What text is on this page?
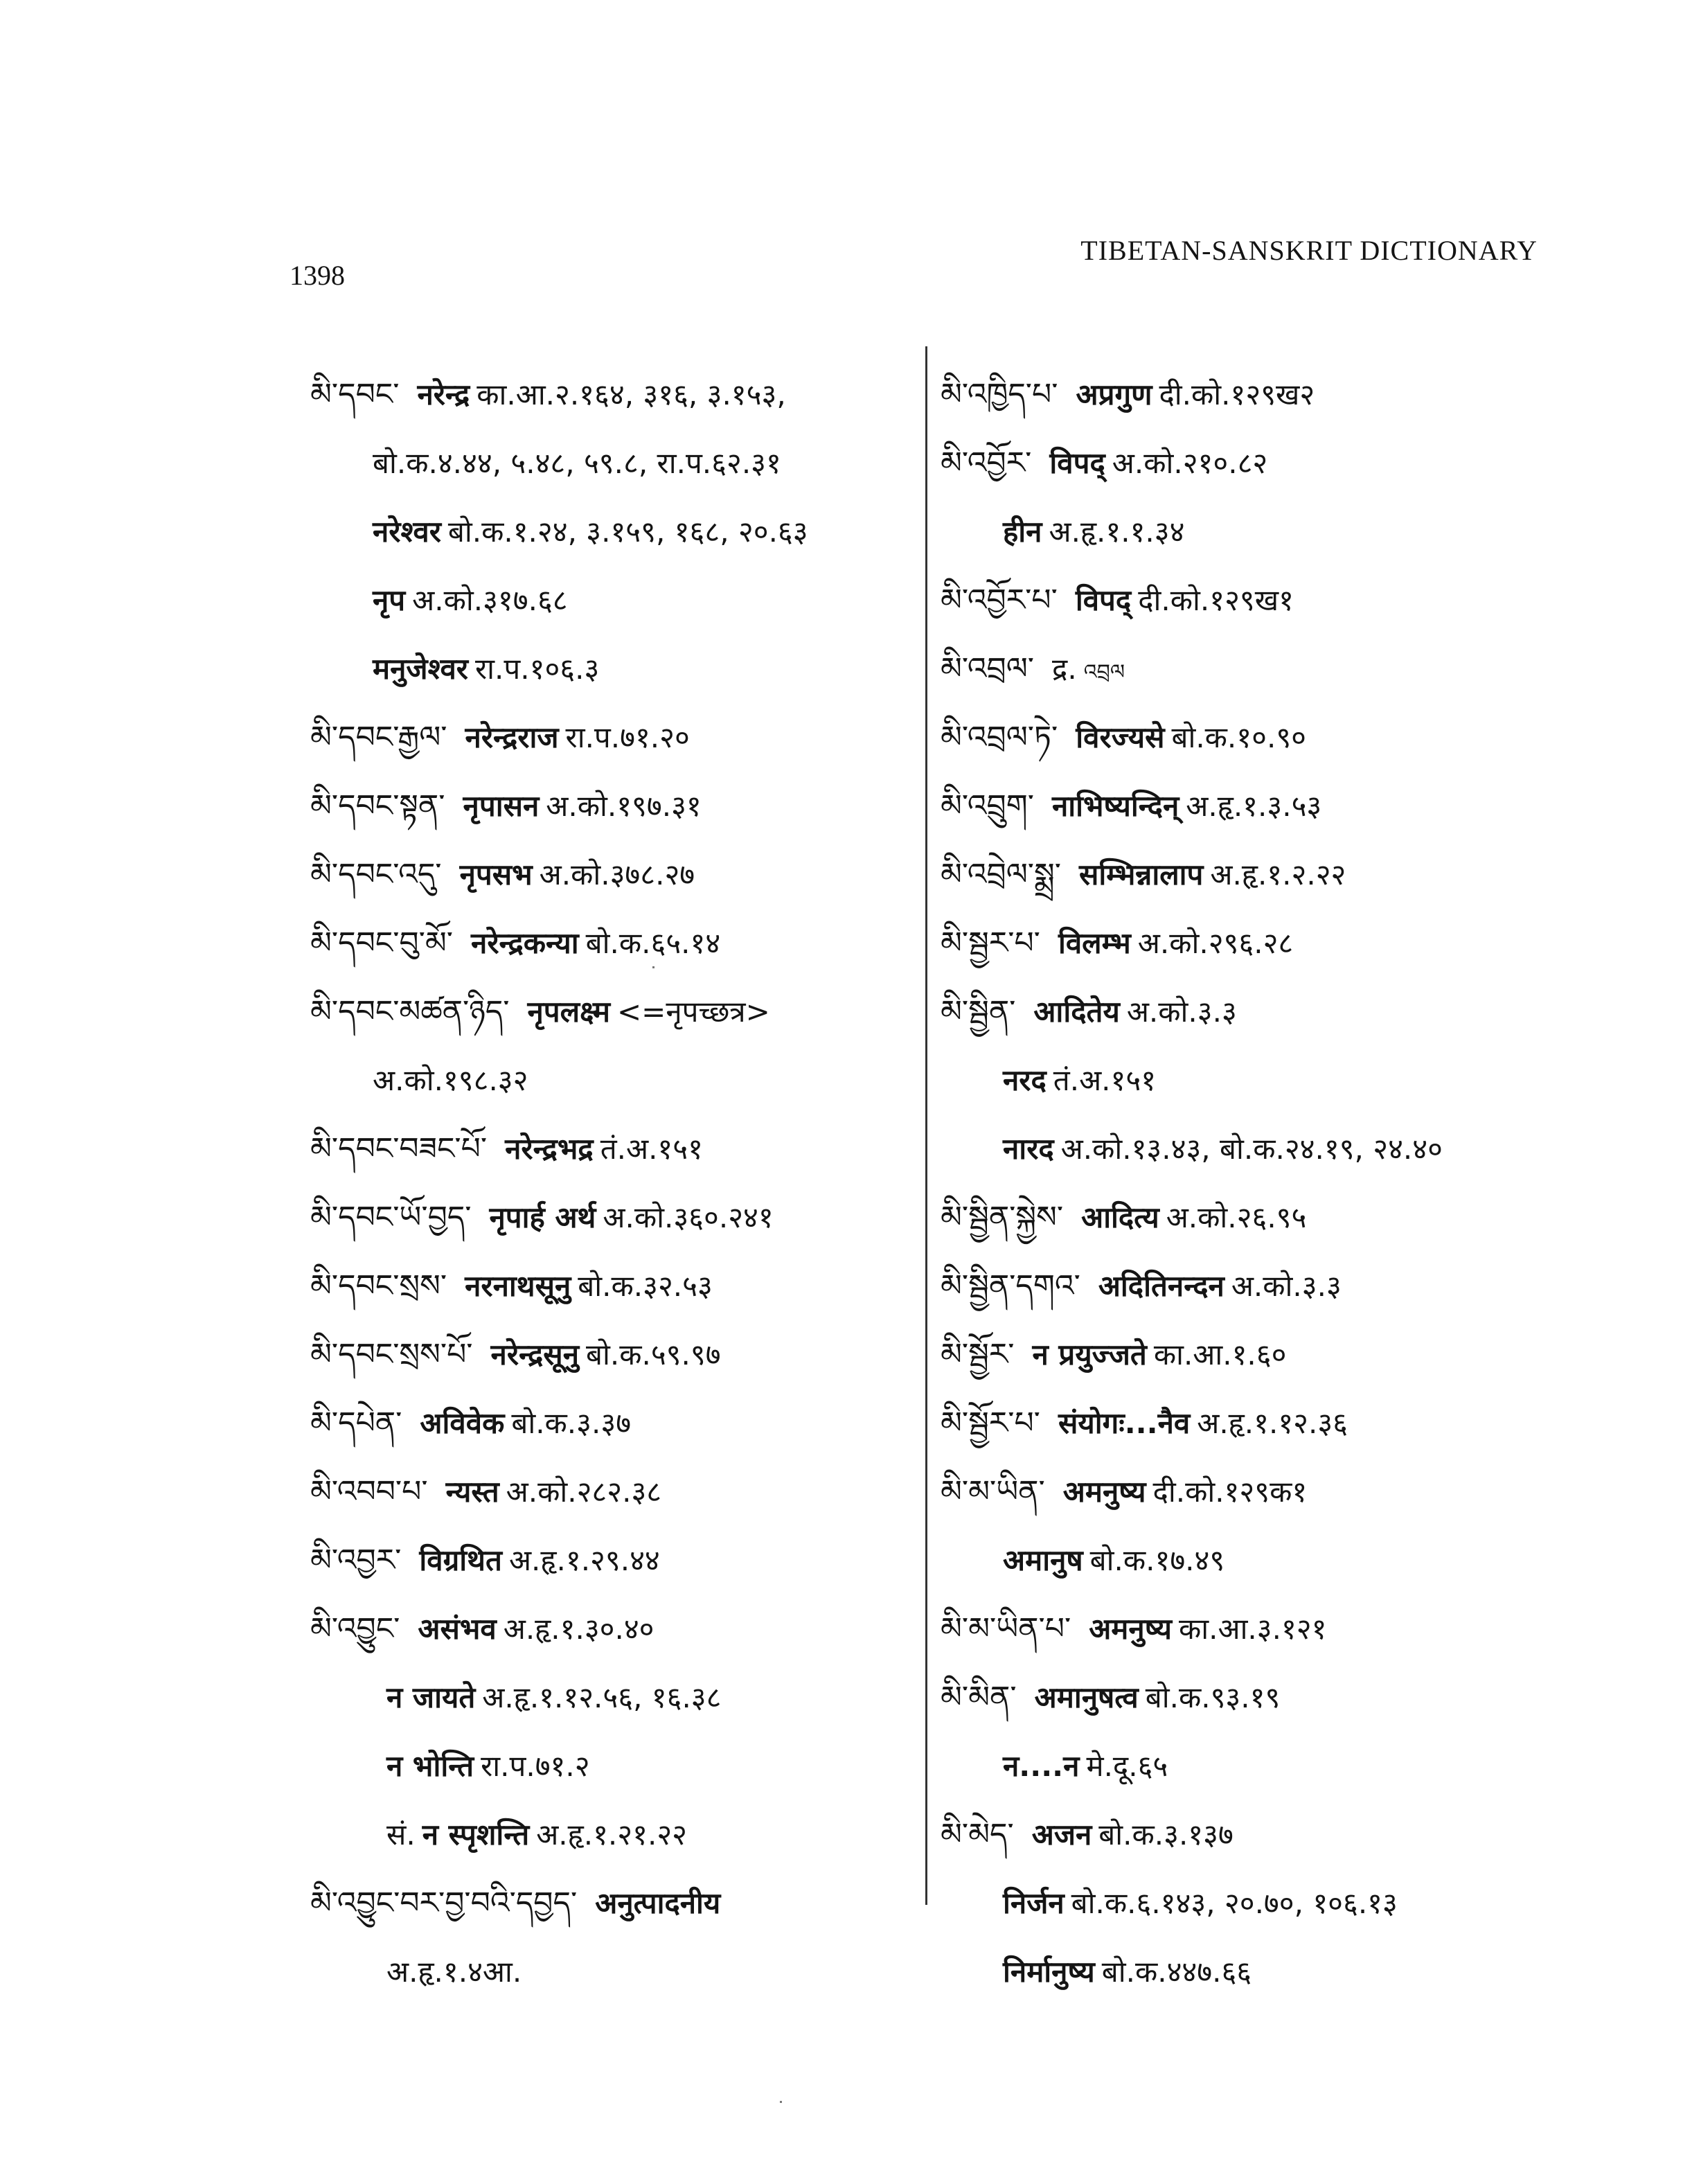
1398
TIBETAN-SANSKRIT DICTIONARY
མི་དབང་ नरेन्द्र का.आ.२.१६४, ३१६, ३.१५३,
बो.क.४.४४, ५.४८, ५९.८, रा.प.६२.३१
नरेश्वर बो.क.१.२४, ३.१५९, १६८, २०.६३
नृप अ.को.३१७.६८
मनुजेश्वर रा.प.१०६.३
མི་དབང་རྒྱལ་ नरेन्द्रराज रा.प.७१.२०
མི་དབང་སྟན་ नृपासन अ.को.१९७.३१
མི་དབང་འདུ་ नृपसभ अ.को.३७८.२७
མི་དབང་བུ་མོ་ नरेन्द्रकन्या बो.क.६५.१४
མི་དབང་མཚན་ཉིད་ नृपलक्ष्म <=नृपच्छत्र>
अ.को.१९८.३२
མི་དབང་བཟང་པོ་ नरेन्द्रभद्र तं.अ.१५१
མི་དབང་ཡོ་བྱད་ नृपार्ह अर्थ अ.को.३६०.२४१
མི་དབང་སྲས་ नरनाथसूनु बो.क.३२.५३
མི་དབང་སྲས་པོ་ नरेन्द्रसूनु बो.क.५९.९७
མི་དཔེན་ अविवेक बो.क.३.३७
མི་འབབ་པ་ न्यस्त अ.को.२८२.३८
མི་འབྱར་ विग्रथित अ.हृ.१.२९.४४
མི་འབྱུང་ असंभव अ.हृ.१.३०.४०
न जायते अ.हृ.१.१२.५६, १६.३८
न भोन्ति रा.प.७१.२
सं. न स्पृशन्ति अ.हृ.१.२१.२२
མི་འབྱུང་བར་བྱ་བའི་དབྱད་ अनुत्पादनीय
अ.हृ.१.४आ.
མི་འཁྱིད་པ་ अप्रगुण दी.को.१२९ख२
མི་འབྱོར་ विपद् अ.को.२१०.८२
हीन अ.हृ.१.१.३४
མི་འབྱོར་པ་ विपद् दी.को.१२९ख१
མི་འབྲལ་ द्र. འབྲལ
མི་འབྲལ་ཏེ་ विरज्यसे बो.क.१०.९०
མི་འབྲུག་ नाभिष्यन्दिन् अ.हृ.१.३.५३
མི་འབྲེལ་སྨྲ་ सम्भिन्नालाप अ.हृ.१.२.२२
མི་སྦྱར་པ་ विलम्भ अ.को.२९६.२८
མི་སྦྱིན་ आदितेय अ.को.३.३
नरद तं.अ.१५१
नारद अ.को.१३.४३, बो.क.२४.१९, २४.४०
མི་སྦྱིན་སྐྱེས་ आदित्य अ.को.२६.९५
མི་སྦྱིན་དགའ་ अदितिनन्दन अ.को.३.३
མི་སྦྱོར་ न प्रयुज्जते का.आ.१.६०
མི་སྦྱོར་པ་ संयोगः...नैव अ.हृ.१.१२.३६
མི་མ་ཡིན་ अमनुष्य दी.को.१२९क१
अमानुष बो.क.१७.४९
མི་མ་ཡིན་པ་ अमनुष्य का.आ.३.१२१
མི་མིན་ अमानुषत्व बो.क.९३.१९
न....न मे.दू.६५
མི་མེད་ अजन बो.क.३.१३७
निर्जन बो.क.६.१४३, २०.७०, १०६.१३
निर्मानुष्य बो.क.४४७.६६
